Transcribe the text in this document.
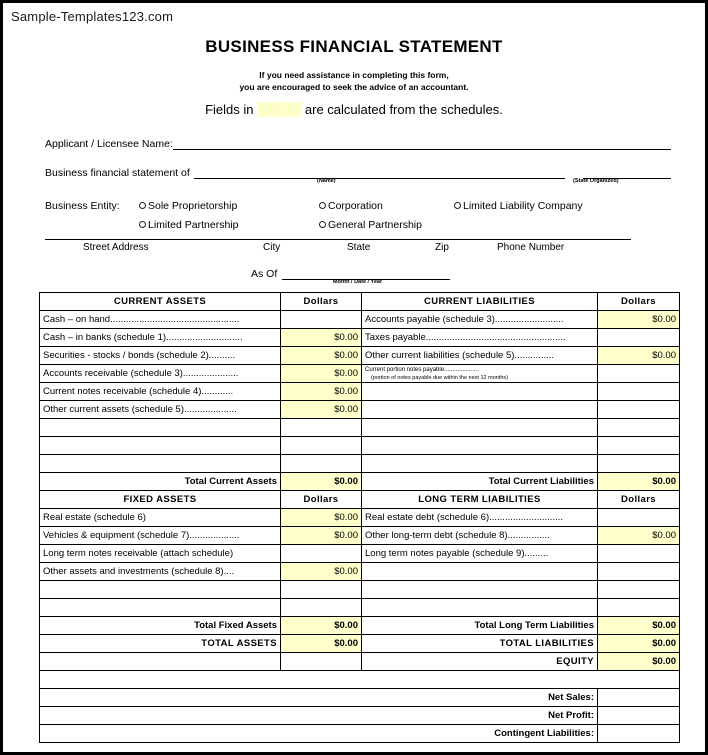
Sample-Templates123.com
BUSINESS FINANCIAL STATEMENT
If you need assistance in completing this form,
you are encouraged to seek the advice of an accountant.
Fields in yellow are calculated from the schedules.
Applicant / Licensee Name:
Business financial statement of
(Name)	(State Organized)
Business Entity:	Sole Proprietorship	Corporation	Limited Liability Company
Limited Partnership	General Partnership
Street Address	City	State	Zip	Phone Number
As Of
Month / Date / Year
CURRENT ASSETS	Dollars	CURRENT LIABILITIES	Dollars
Cash – on hand.................................................		Accounts payable (schedule 3)..........................	$0.00
Cash – in banks (schedule 1).............................	$0.00	Taxes payable.....................................................	
Securities - stocks / bonds (schedule 2)..........	$0.00	Other current liabilities (schedule 5)...............	$0.00
Accounts receivable (schedule 3).....................	$0.00	Current portion notes payable.....................
(portion of notes payable due within the next 12 months)	

Current notes receivable (schedule 4)............	$0.00		
Other current assets (schedule 5)....................	$0.00		

Total Current Assets	$0.00	Total Current Liabilities	$0.00
FIXED ASSETS	Dollars	LONG TERM LIABILITIES	Dollars
Real estate (schedule 6)	$0.00	Real estate debt (schedule 6)............................	
Vehicles & equipment (schedule 7)...................	$0.00	Other long-term debt (schedule 8)................	$0.00
Long term notes receivable (attach schedule)		Long term notes payable (schedule 9).........	
Other assets and investments (schedule 8)....	$0.00		

Total Fixed Assets	$0.00	Total Long Term Liabilities	$0.00
TOTAL ASSETS	$0.00	TOTAL LIABILITIES	$0.00
		EQUITY	$0.00

Net Sales:			
Net Profit:			
Contingent Liabilities:			
